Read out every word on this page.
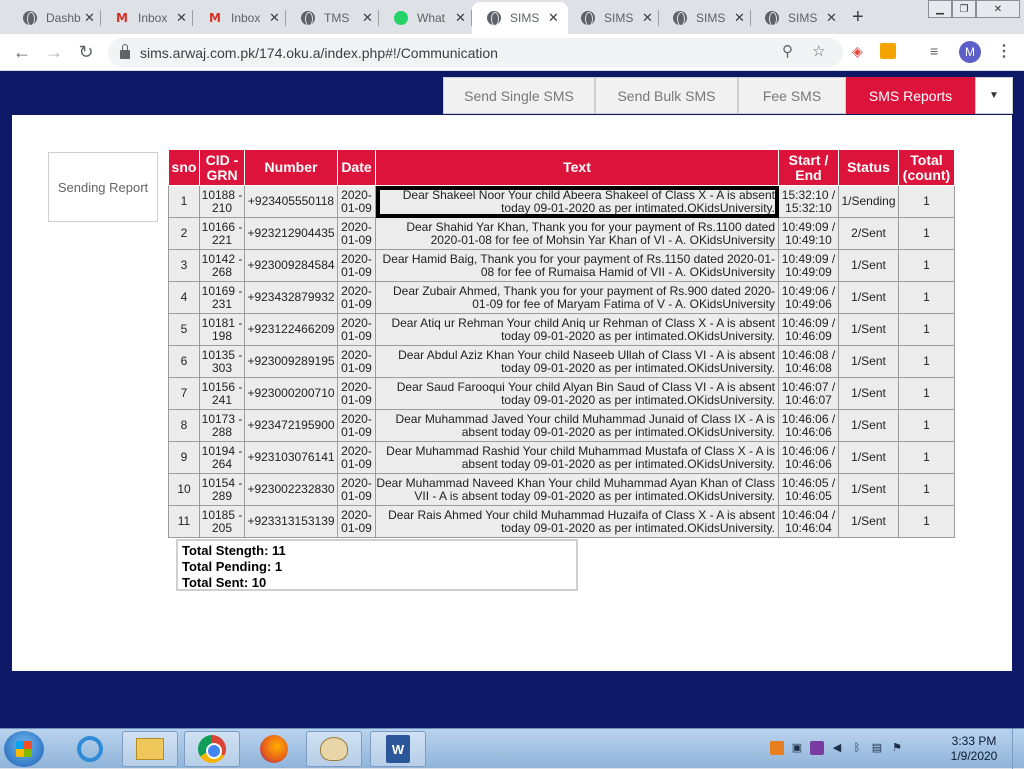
Dashb ✕ M Inbox ✕ M Inbox ✕	TMS ✕	What ✕	SIMS ✕	SIMS ✕	SIMS ✕	SIMS ✕ +	▁	❐	✕
← → ↻	sims.arwaj.com.pk/174.oku.a/index.php#!/Communication	⚲ ☆ ◈	≡	M	⋮
Send Single SMS	Send Bulk SMS	Fee SMS	SMS Reports	▼
Sending Report
sno	CID - GRN	Number	Date	Text	Start / End	Status	Total (count)
1	10188 - 210	+923405550118	2020-01-09	Dear Shakeel Noor Your child Abeera Shakeel of Class X - A is absent today 09-01-2020 as per intimated.OKidsUniversity.	15:32:10 / 15:32:10	1/Sending	1
2	10166 - 221	+923212904435	2020-01-09	Dear Shahid Yar Khan, Thank you for your payment of Rs.1100 dated 2020-01-08 for fee of Mohsin Yar Khan of VI - A. OKidsUniversity	10:49:09 / 10:49:10	2/Sent	1
3	10142 - 268	+923009284584	2020-01-09	Dear Hamid Baig, Thank you for your payment of Rs.1150 dated 2020-01-08 for fee of Rumaisa Hamid of VII - A. OKidsUniversity	10:49:09 / 10:49:09	1/Sent	1
4	10169 - 231	+923432879932	2020-01-09	Dear Zubair Ahmed, Thank you for your payment of Rs.900 dated 2020-01-09 for fee of Maryam Fatima of V - A. OKidsUniversity	10:49:06 / 10:49:06	1/Sent	1
5	10181 - 198	+923122466209	2020-01-09	Dear Atiq ur Rehman Your child Aniq ur Rehman of Class X - A is absent today 09-01-2020 as per intimated.OKidsUniversity.	10:46:09 / 10:46:09	1/Sent	1
6	10135 - 303	+923009289195	2020-01-09	Dear Abdul Aziz Khan Your child Naseeb Ullah of Class VI - A is absent today 09-01-2020 as per intimated.OKidsUniversity.	10:46:08 / 10:46:08	1/Sent	1
7	10156 - 241	+923000200710	2020-01-09	Dear Saud Farooqui Your child Alyan Bin Saud of Class VI - A is absent today 09-01-2020 as per intimated.OKidsUniversity.	10:46:07 / 10:46:07	1/Sent	1
8	10173 - 288	+923472195900	2020-01-09	Dear Muhammad Javed Your child Muhammad Junaid of Class IX - A is absent today 09-01-2020 as per intimated.OKidsUniversity.	10:46:06 / 10:46:06	1/Sent	1
9	10194 - 264	+923103076141	2020-01-09	Dear Muhammad Rashid Your child Muhammad Mustafa of Class X - A is absent today 09-01-2020 as per intimated.OKidsUniversity.	10:46:06 / 10:46:06	1/Sent	1
10	10154 - 289	+923002232830	2020-01-09	Dear Muhammad Naveed Khan Your child Muhammad Ayan Khan of Class VII - A is absent today 09-01-2020 as per intimated.OKidsUniversity.	10:46:05 / 10:46:05	1/Sent	1
11	10185 - 205	+923313153139	2020-01-09	Dear Rais Ahmed Your child Muhammad Huzaifa of Class X - A is absent today 09-01-2020 as per intimated.OKidsUniversity.	10:46:04 / 10:46:04	1/Sent	1
Total Stength: 11
Total Pending: 1
Total Sent: 10
W	▣	◀	ᛒ	▤ ⚑	3:33 PM
1/9/2020
